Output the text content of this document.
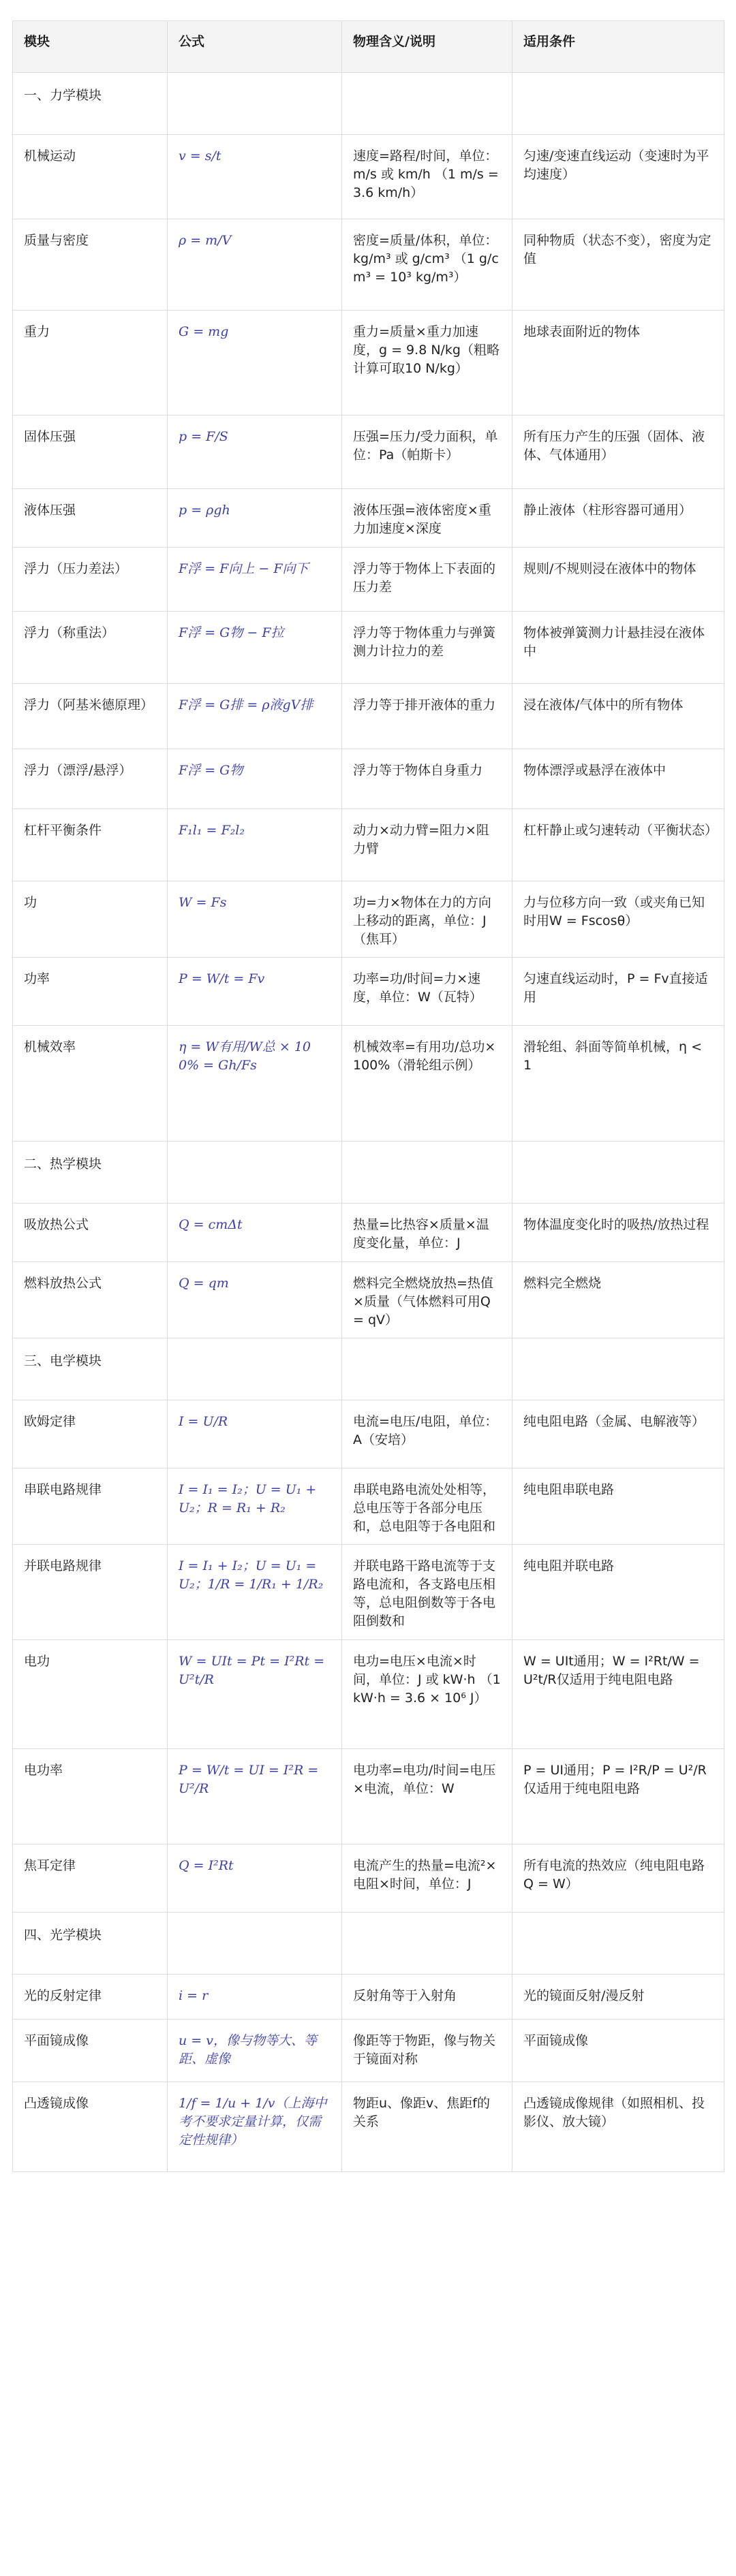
模块	公式	物理含义/说明	适用条件
一、力学模块			
机械运动	v = s/t	速度=路程/时间，单位：m/s 或 km/h （1 m/s = 3.6 km/h）	匀速/变速直线运动（变速时为平均速度）
质量与密度	ρ = m/V	密度=质量/体积，单位：kg/m³ 或 g/cm³ （1 g/cm³ = 10³ kg/m³）	同种物质（状态不变），密度为定值
重力	G = mg	重力=质量×重力加速度，g = 9.8 N/kg（粗略计算可取10 N/kg）	地球表面附近的物体
固体压强	p = F/S	压强=压力/受力面积，单位：Pa（帕斯卡）	所有压力产生的压强（固体、液体、气体通用）
液体压强	p = ρgh	液体压强=液体密度×重力加速度×深度	静止液体（柱形容器可通用）
浮力（压力差法）	F浮 = F向上 − F向下	浮力等于物体上下表面的压力差	规则/不规则浸在液体中的物体
浮力（称重法）	F浮 = G物 − F拉	浮力等于物体重力与弹簧测力计拉力的差	物体被弹簧测力计悬挂浸在液体中
浮力（阿基米德原理）	F浮 = G排 = ρ液gV排	浮力等于排开液体的重力	浸在液体/气体中的所有物体
浮力（漂浮/悬浮）	F浮 = G物	浮力等于物体自身重力	物体漂浮或悬浮在液体中
杠杆平衡条件	F₁l₁ = F₂l₂	动力×动力臂=阻力×阻力臂	杠杆静止或匀速转动（平衡状态）
功	W = Fs	功=力×物体在力的方向上移动的距离，单位：J（焦耳）	力与位移方向一致（或夹角已知时用W = Fscosθ）
功率	P = W/t = Fv	功率=功/时间=力×速度，单位：W（瓦特）	匀速直线运动时，P = Fv直接适用
机械效率	η = W有用/W总 × 100% = Gh/Fs	机械效率=有用功/总功×100%（滑轮组示例）	滑轮组、斜面等简单机械，η < 1
二、热学模块			
吸放热公式	Q = cmΔt	热量=比热容×质量×温度变化量，单位：J	物体温度变化时的吸热/放热过程
燃料放热公式	Q = qm	燃料完全燃烧放热=热值×质量（气体燃料可用Q = qV）	燃料完全燃烧
三、电学模块			
欧姆定律	I = U/R	电流=电压/电阻，单位：A（安培）	纯电阻电路（金属、电解液等）
串联电路规律	I = I₁ = I₂；U = U₁ + U₂；R = R₁ + R₂	串联电路电流处处相等，总电压等于各部分电压和，总电阻等于各电阻和	纯电阻串联电路
并联电路规律	I = I₁ + I₂；U = U₁ = U₂；1/R = 1/R₁ + 1/R₂	并联电路干路电流等于支路电流和，各支路电压相等，总电阻倒数等于各电阻倒数和	纯电阻并联电路
电功	W = UIt = Pt = I²Rt = U²t/R	电功=电压×电流×时间，单位：J 或 kW·h （1 kW·h = 3.6 × 10⁶ J）	W = UIt通用；W = I²Rt/W = U²t/R仅适用于纯电阻电路
电功率	P = W/t = UI = I²R = U²/R	电功率=电功/时间=电压×电流，单位：W	P = UI通用；P = I²R/P = U²/R仅适用于纯电阻电路
焦耳定律	Q = I²Rt	电流产生的热量=电流²×电阻×时间，单位：J	所有电流的热效应（纯电阻电路Q = W）
四、光学模块			
光的反射定律	i = r	反射角等于入射角	光的镜面反射/漫反射
平面镜成像	u = v，像与物等大、等距、虚像	像距等于物距，像与物关于镜面对称	平面镜成像
凸透镜成像	1/f = 1/u + 1/v（上海中考不要求定量计算，仅需定性规律）	物距u、像距v、焦距f的关系	凸透镜成像规律（如照相机、投影仪、放大镜）
